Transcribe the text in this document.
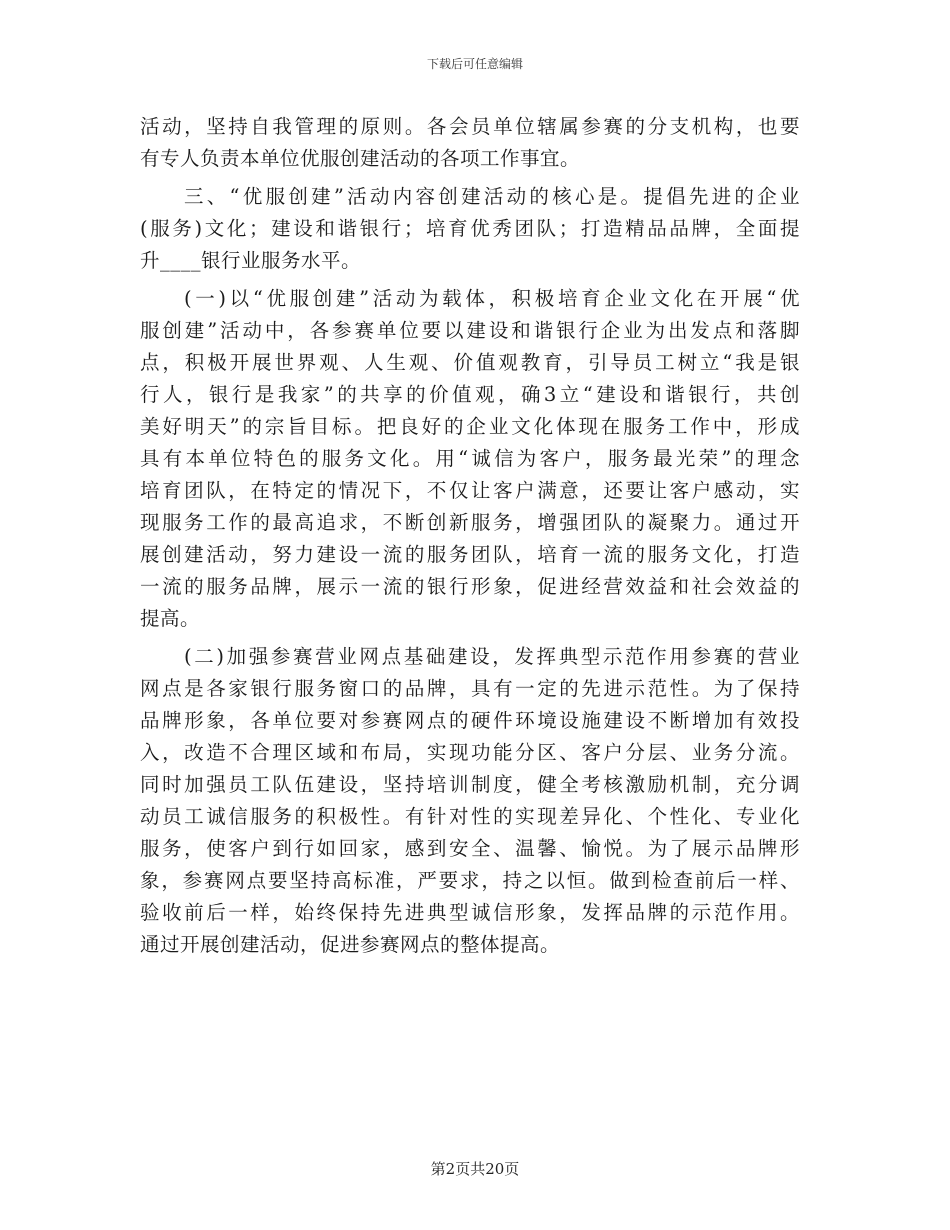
下载后可任意编辑
活动，坚持自我管理的原则。各会员单位辖属参赛的分支机构，也要
有专人负责本单位优服创建活动的各项工作事宜。
三、“优服创建”活动内容创建活动的核心是。提倡先进的企业
(服务)文化；建设和谐银行；培育优秀团队；打造精品品牌，全面提
升____银行业服务水平。
(一)以“优服创建”活动为载体，积极培育企业文化在开展“优
服创建”活动中，各参赛单位要以建设和谐银行企业为出发点和落脚
点，积极开展世界观、人生观、价值观教育，引导员工树立“我是银
行人，银行是我家”的共享的价值观，确3立“建设和谐银行，共创
美好明天”的宗旨目标。把良好的企业文化体现在服务工作中，形成
具有本单位特色的服务文化。用“诚信为客户，服务最光荣”的理念
培育团队，在特定的情况下，不仅让客户满意，还要让客户感动，实
现服务工作的最高追求，不断创新服务，增强团队的凝聚力。通过开
展创建活动，努力建设一流的服务团队，培育一流的服务文化，打造
一流的服务品牌，展示一流的银行形象，促进经营效益和社会效益的
提高。
(二)加强参赛营业网点基础建设，发挥典型示范作用参赛的营业
网点是各家银行服务窗口的品牌，具有一定的先进示范性。为了保持
品牌形象，各单位要对参赛网点的硬件环境设施建设不断增加有效投
入，改造不合理区域和布局，实现功能分区、客户分层、业务分流。
同时加强员工队伍建设，坚持培训制度，健全考核激励机制，充分调
动员工诚信服务的积极性。有针对性的实现差异化、个性化、专业化
服务，使客户到行如回家，感到安全、温馨、愉悦。为了展示品牌形
象，参赛网点要坚持高标准，严要求，持之以恒。做到检查前后一样、
验收前后一样，始终保持先进典型诚信形象，发挥品牌的示范作用。
通过开展创建活动，促进参赛网点的整体提高。
第2页共20页
